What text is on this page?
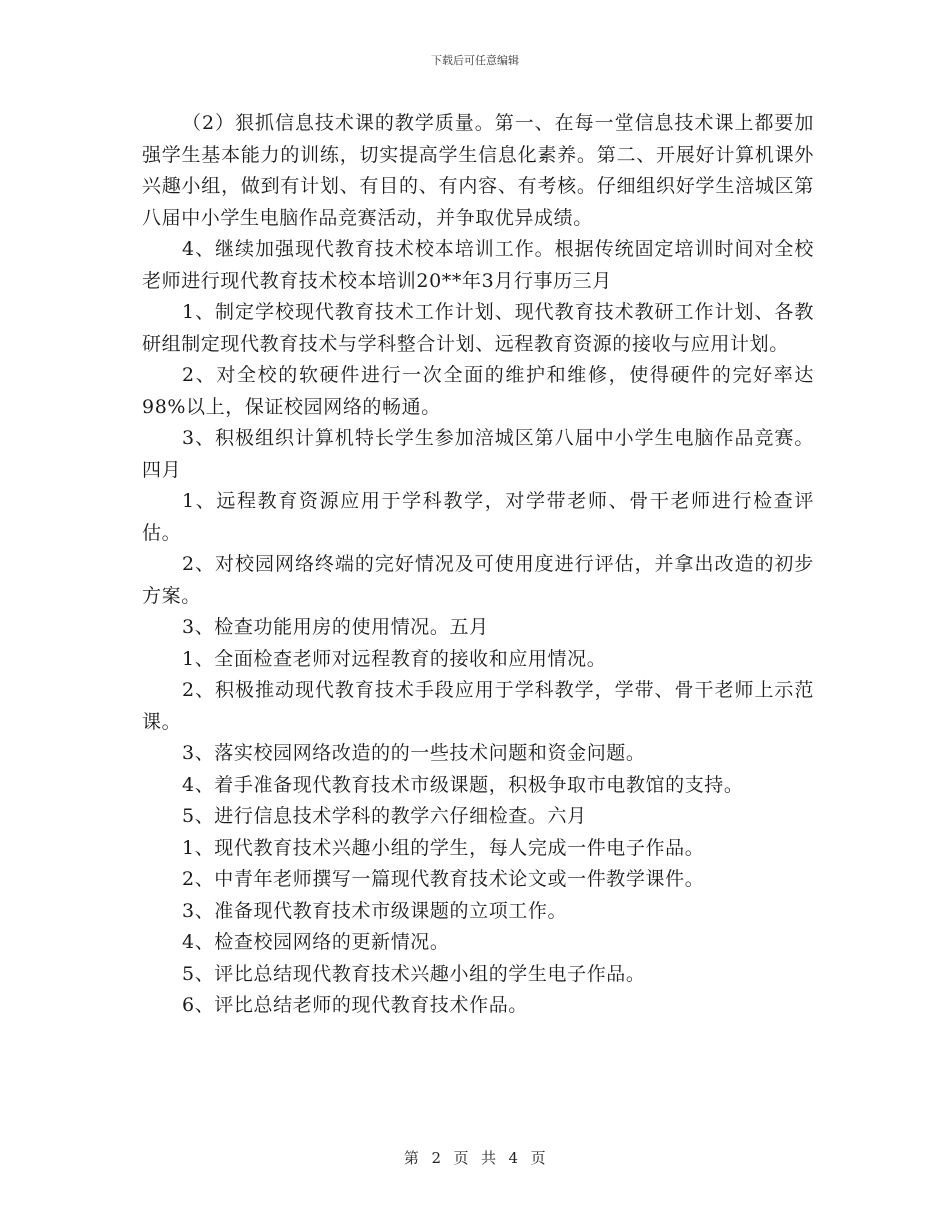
下载后可任意编辑

（2）狠抓信息技术课的教学质量。第一、在每一堂信息技术课上都要加强学生基本能力的训练，切实提高学生信息化素养。第二、开展好计算机课外兴趣小组，做到有计划、有目的、有内容、有考核。仔细组织好学生涪城区第八届中小学生电脑作品竞赛活动，并争取优异成绩。

4、继续加强现代教育技术校本培训工作。根据传统固定培训时间对全校老师进行现代教育技术校本培训20**年3月行事历三月

1、制定学校现代教育技术工作计划、现代教育技术教研工作计划、各教研组制定现代教育技术与学科整合计划、远程教育资源的接收与应用计划。

2、对全校的软硬件进行一次全面的维护和维修，使得硬件的完好率达98%以上，保证校园网络的畅通。

3、积极组织计算机特长学生参加涪城区第八届中小学生电脑作品竞赛。四月

1、远程教育资源应用于学科教学，对学带老师、骨干老师进行检查评估。

2、对校园网络终端的完好情况及可使用度进行评估，并拿出改造的初步方案。

3、检查功能用房的使用情况。五月

1、全面检查老师对远程教育的接收和应用情况。

2、积极推动现代教育技术手段应用于学科教学，学带、骨干老师上示范课。

3、落实校园网络改造的的一些技术问题和资金问题。

4、着手准备现代教育技术市级课题，积极争取市电教馆的支持。

5、进行信息技术学科的教学六仔细检查。六月

1、现代教育技术兴趣小组的学生，每人完成一件电子作品。

2、中青年老师撰写一篇现代教育技术论文或一件教学课件。

3、准备现代教育技术市级课题的立项工作。

4、检查校园网络的更新情况。

5、评比总结现代教育技术兴趣小组的学生电子作品。

6、评比总结老师的现代教育技术作品。

第 2 页 共 4 页
